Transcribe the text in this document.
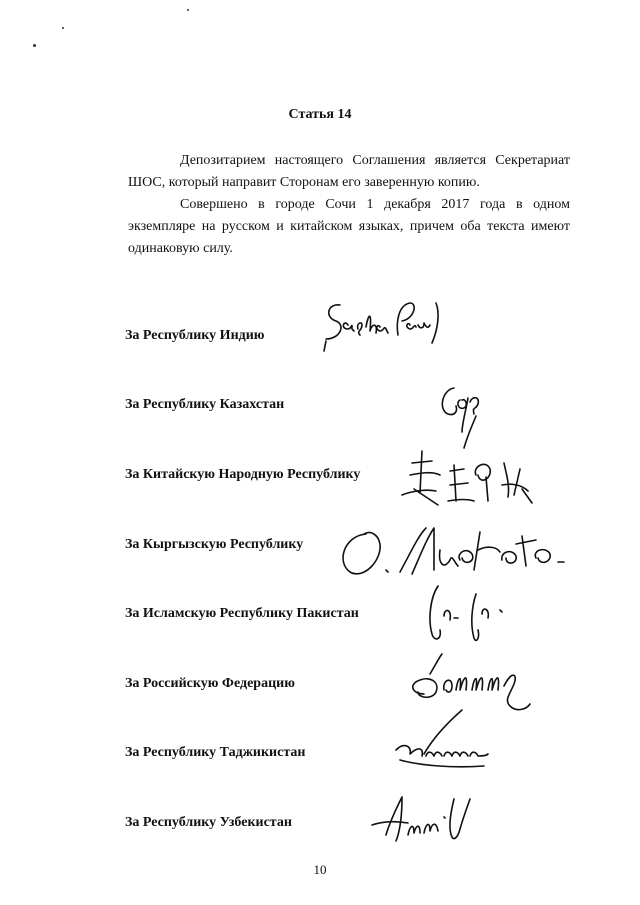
Статья 14

Депозитарием настоящего Соглашения является Секретариат ШОС, который направит Сторонам его заверенную копию.

Совершено в городе Сочи 1 декабря 2017 года в одном экземпляре на русском и китайском языках, причем оба текста имеют одинаковую силу.

За Республику Индию
За Республику Казахстан
За Китайскую Народную Республику
За Кыргызскую Республику
За Исламскую Республику Пакистан
За Российскую Федерацию
За Республику Таджикистан
За Республику Узбекистан
10
